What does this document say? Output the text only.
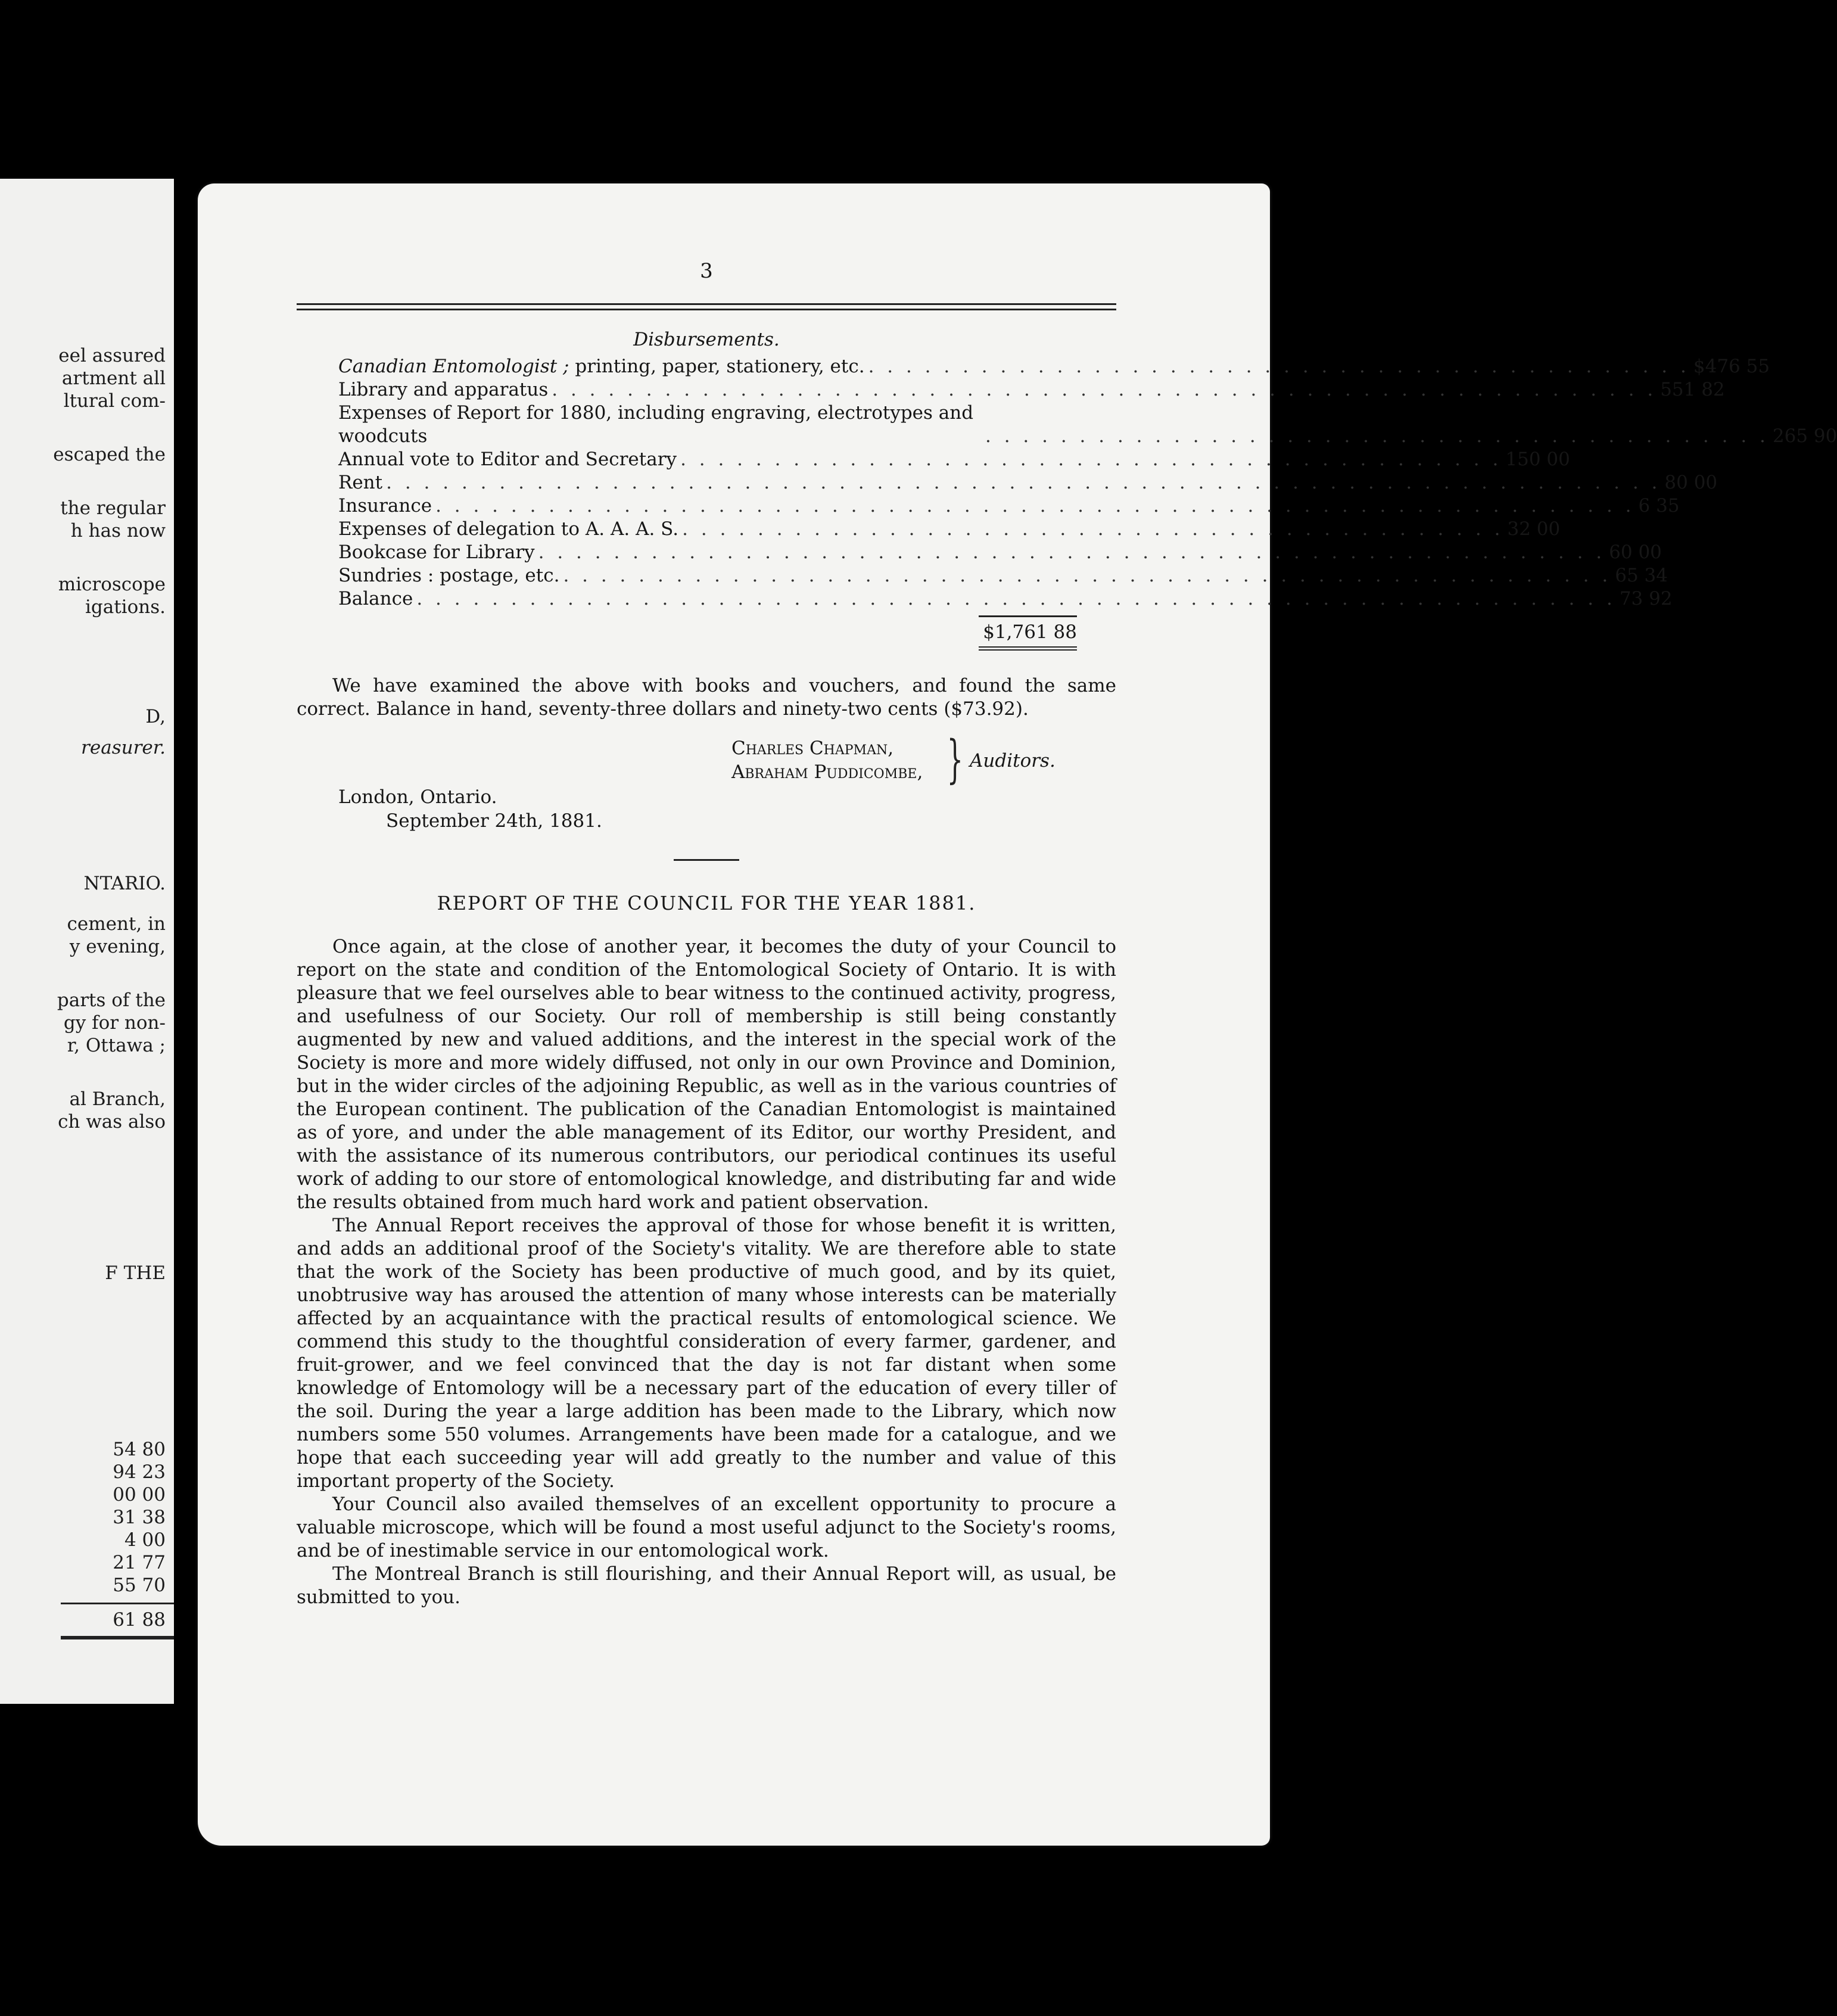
eel assured
artment all
ltural com-
escaped the
the regular
h has now
microscope
igations.
D,
reasurer.
NTARIO.
cement, in
y evening,
parts of the
gy for non-
r, Ottawa ;
al Branch,
ch was also
F THE
54 80
94 23
00 00
31 38
4 00
21 77
55 70
61 88
3
Disbursements.
Canadian Entomologist ; printing, paper, stationery, etc. . . . . . . . . . . . . . . . . . . . . . . . . . . . . . . . . . . . . . . . . . . . . $476 55
Library and apparatus . . . . . . . . . . . . . . . . . . . . . . . . . . . . . . . . . . . . . . . . . . . . . . . . . . . . . . . . . . . 551 82
Expenses of Report for 1880, including engraving, electrotypes and woodcuts	. . . . . . . . . . . . . . . . . . . . . . . . . . . . . . . . . . . . . . . . . . 265 90
Annual vote to Editor and Secretary . . . . . . . . . . . . . . . . . . . . . . . . . . . . . . . . . . . . . . . . . . . . 150 00
Rent . . . . . . . . . . . . . . . . . . . . . . . . . . . . . . . . . . . . . . . . . . . . . . . . . . . . . . . . . . . . . . . . . . . . 80 00
Insurance . . . . . . . . . . . . . . . . . . . . . . . . . . . . . . . . . . . . . . . . . . . . . . . . . . . . . . . . . . . . . . . . 6 35
Expenses of delegation to A. A. A. S. . . . . . . . . . . . . . . . . . . . . . . . . . . . . . . . . . . . . . . . . . . . . 32 00
Bookcase for Library . . . . . . . . . . . . . . . . . . . . . . . . . . . . . . . . . . . . . . . . . . . . . . . . . . . . . . . . . 60 00
Sundries : postage, etc. . . . . . . . . . . . . . . . . . . . . . . . . . . . . . . . . . . . . . . . . . . . . . . . . . . . . . . . . 65 34
Balance . . . . . . . . . . . . . . . . . . . . . . . . . . . . . . . . . . . . . . . . . . . . . . . . . . . . . . . . . . . . . . . . 73 92
$1,761 88

We have examined the above with books and vouchers, and found the same correct. Balance in hand, seventy-three dollars and ninety-two cents ($73.92).

Charles Chapman,
Abraham Puddicombe, } Auditors.
London, Ontario.
September 24th, 1881.
REPORT OF THE COUNCIL FOR THE YEAR 1881.

Once again, at the close of another year, it becomes the duty of your Council to report on the state and condition of the Entomological Society of Ontario. It is with pleasure that we feel ourselves able to bear witness to the continued activity, progress, and usefulness of our Society. Our roll of membership is still being constantly augmented by new and valued additions, and the interest in the special work of the Society is more and more widely diffused, not only in our own Province and Dominion, but in the wider circles of the adjoining Republic, as well as in the various countries of the European continent. The publication of the Canadian Entomologist is maintained as of yore, and under the able management of its Editor, our worthy President, and with the assistance of its numerous contributors, our periodical continues its useful work of adding to our store of entomological knowledge, and distributing far and wide the results obtained from much hard work and patient observation.

The Annual Report receives the approval of those for whose benefit it is written, and adds an additional proof of the Society's vitality. We are therefore able to state that the work of the Society has been productive of much good, and by its quiet, unobtrusive way has aroused the attention of many whose interests can be materially affected by an acquaintance with the practical results of entomological science. We commend this study to the thoughtful consideration of every farmer, gardener, and fruit-grower, and we feel convinced that the day is not far distant when some knowledge of Entomology will be a necessary part of the education of every tiller of the soil. During the year a large addition has been made to the Library, which now numbers some 550 volumes. Arrangements have been made for a catalogue, and we hope that each succeeding year will add greatly to the number and value of this important property of the Society.

Your Council also availed themselves of an excellent opportunity to procure a valuable microscope, which will be found a most useful adjunct to the Society's rooms, and be of inestimable service in our entomological work.

The Montreal Branch is still flourishing, and their Annual Report will, as usual, be submitted to you.
